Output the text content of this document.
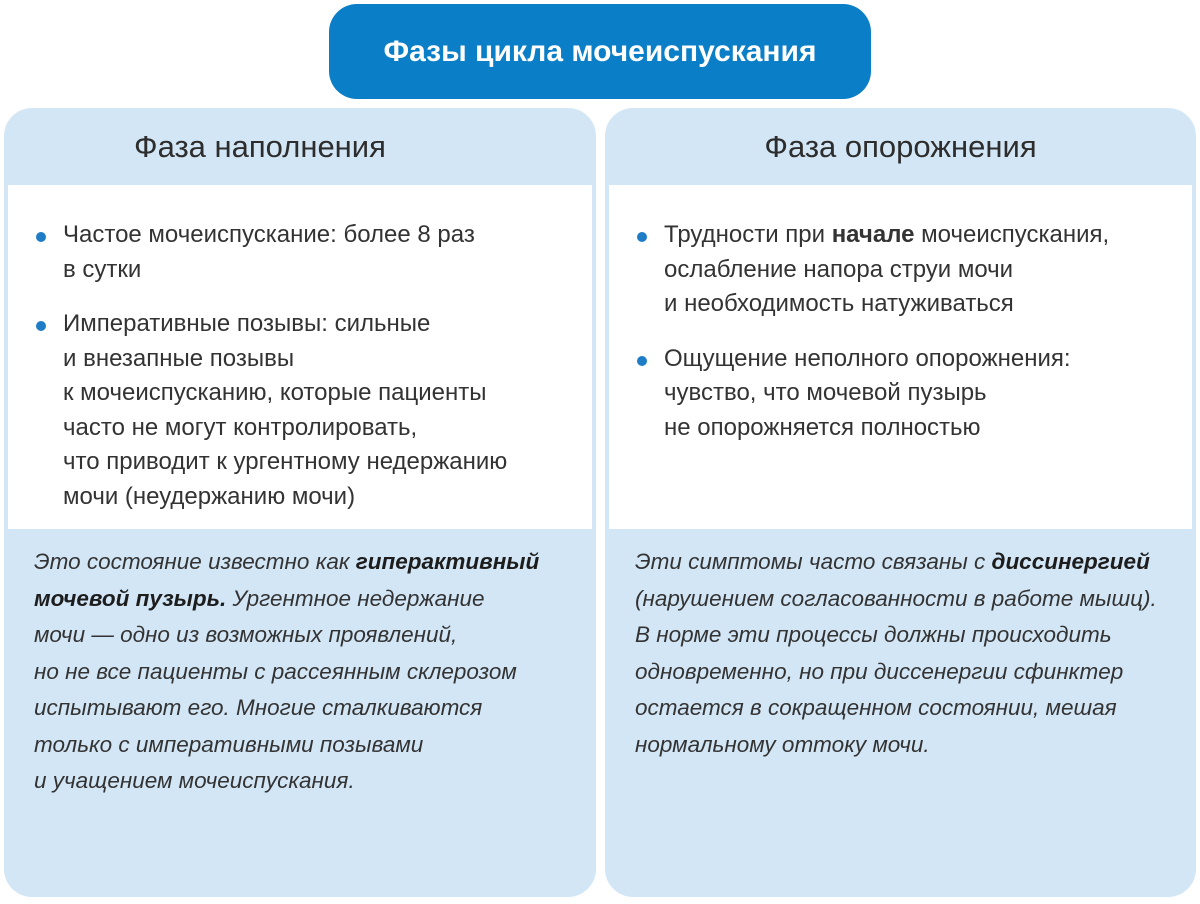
Фазы цикла мочеиспускания
Фаза наполнения
Частое мочеиспускание: более 8 раз
в сутки
Императивные позывы: сильные
и внезапные позывы
к мочеиспусканию, которые пациенты
часто не могут контролировать,
что приводит к ургентному недержанию
мочи (неудержанию мочи)
Это состояние известно как гиперактивный
мочевой пузырь. Ургентное недержание
мочи — одно из возможных проявлений,
но не все пациенты с рассеянным склерозом
испытывают его. Многие сталкиваются
только с императивными позывами
и учащением мочеиспускания.
Фаза опорожнения
Трудности при начале мочеиспускания,
ослабление напора струи мочи
и необходимость натуживаться
Ощущение неполного опорожнения:
чувство, что мочевой пузырь
не опорожняется полностью
Эти симптомы часто связаны с диссинергией
(нарушением согласованности в работе мышц).
В норме эти процессы должны происходить
одновременно, но при диссенергии сфинктер
остается в сокращенном состоянии, мешая
нормальному оттоку мочи.
